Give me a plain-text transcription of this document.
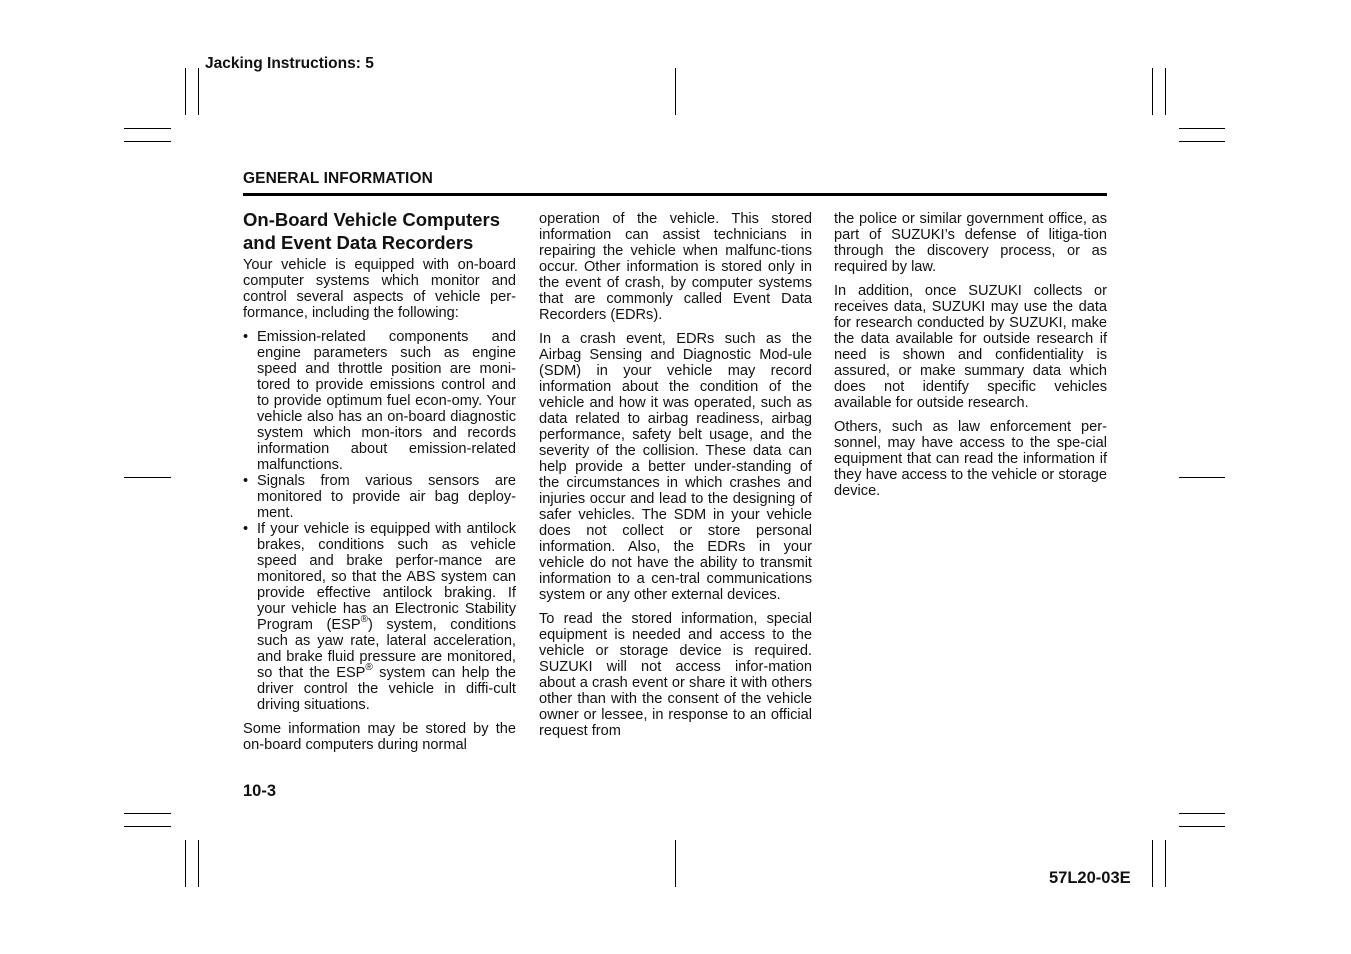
Jacking Instructions: 5
GENERAL INFORMATION
On-Board Vehicle Computers and Event Data Recorders

Your vehicle is equipped with on-board computer systems which monitor and control several aspects of vehicle per-formance, including the following:

• Emission-related components and engine parameters such as engine speed and throttle position are moni-tored to provide emissions control and to provide optimum fuel econ-omy. Your vehicle also has an on-board diagnostic system which mon-itors and records information about emission-related malfunctions.
• Signals from various sensors are monitored to provide air bag deploy-ment.
• If your vehicle is equipped with antilock brakes, conditions such as vehicle speed and brake perfor-mance are monitored, so that the ABS system can provide effective antilock braking. If your vehicle has an Electronic Stability Program (ESP®) system, conditions such as yaw rate, lateral acceleration, and brake fluid pressure are monitored, so that the ESP® system can help the driver control the vehicle in diffi-cult driving situations.

Some information may be stored by the on-board computers during normal

operation of the vehicle. This stored information can assist technicians in repairing the vehicle when malfunc-tions occur. Other information is stored only in the event of crash, by computer systems that are commonly called Event Data Recorders (EDRs).

In a crash event, EDRs such as the Airbag Sensing and Diagnostic Mod-ule (SDM) in your vehicle may record information about the condition of the vehicle and how it was operated, such as data related to airbag readiness, airbag performance, safety belt usage, and the severity of the collision. These data can help provide a better under-standing of the circumstances in which crashes and injuries occur and lead to the designing of safer vehicles. The SDM in your vehicle does not collect or store personal information. Also, the EDRs in your vehicle do not have the ability to transmit information to a cen-tral communications system or any other external devices.

To read the stored information, special equipment is needed and access to the vehicle or storage device is required. SUZUKI will not access infor-mation about a crash event or share it with others other than with the consent of the vehicle owner or lessee, in response to an official request from

the police or similar government office, as part of SUZUKI’s defense of litiga-tion through the discovery process, or as required by law.

In addition, once SUZUKI collects or receives data, SUZUKI may use the data for research conducted by SUZUKI, make the data available for outside research if need is shown and confidentiality is assured, or make summary data which does not identify specific vehicles available for outside research.

Others, such as law enforcement per-sonnel, may have access to the spe-cial equipment that can read the information if they have access to the vehicle or storage device.

10-3
57L20-03E
